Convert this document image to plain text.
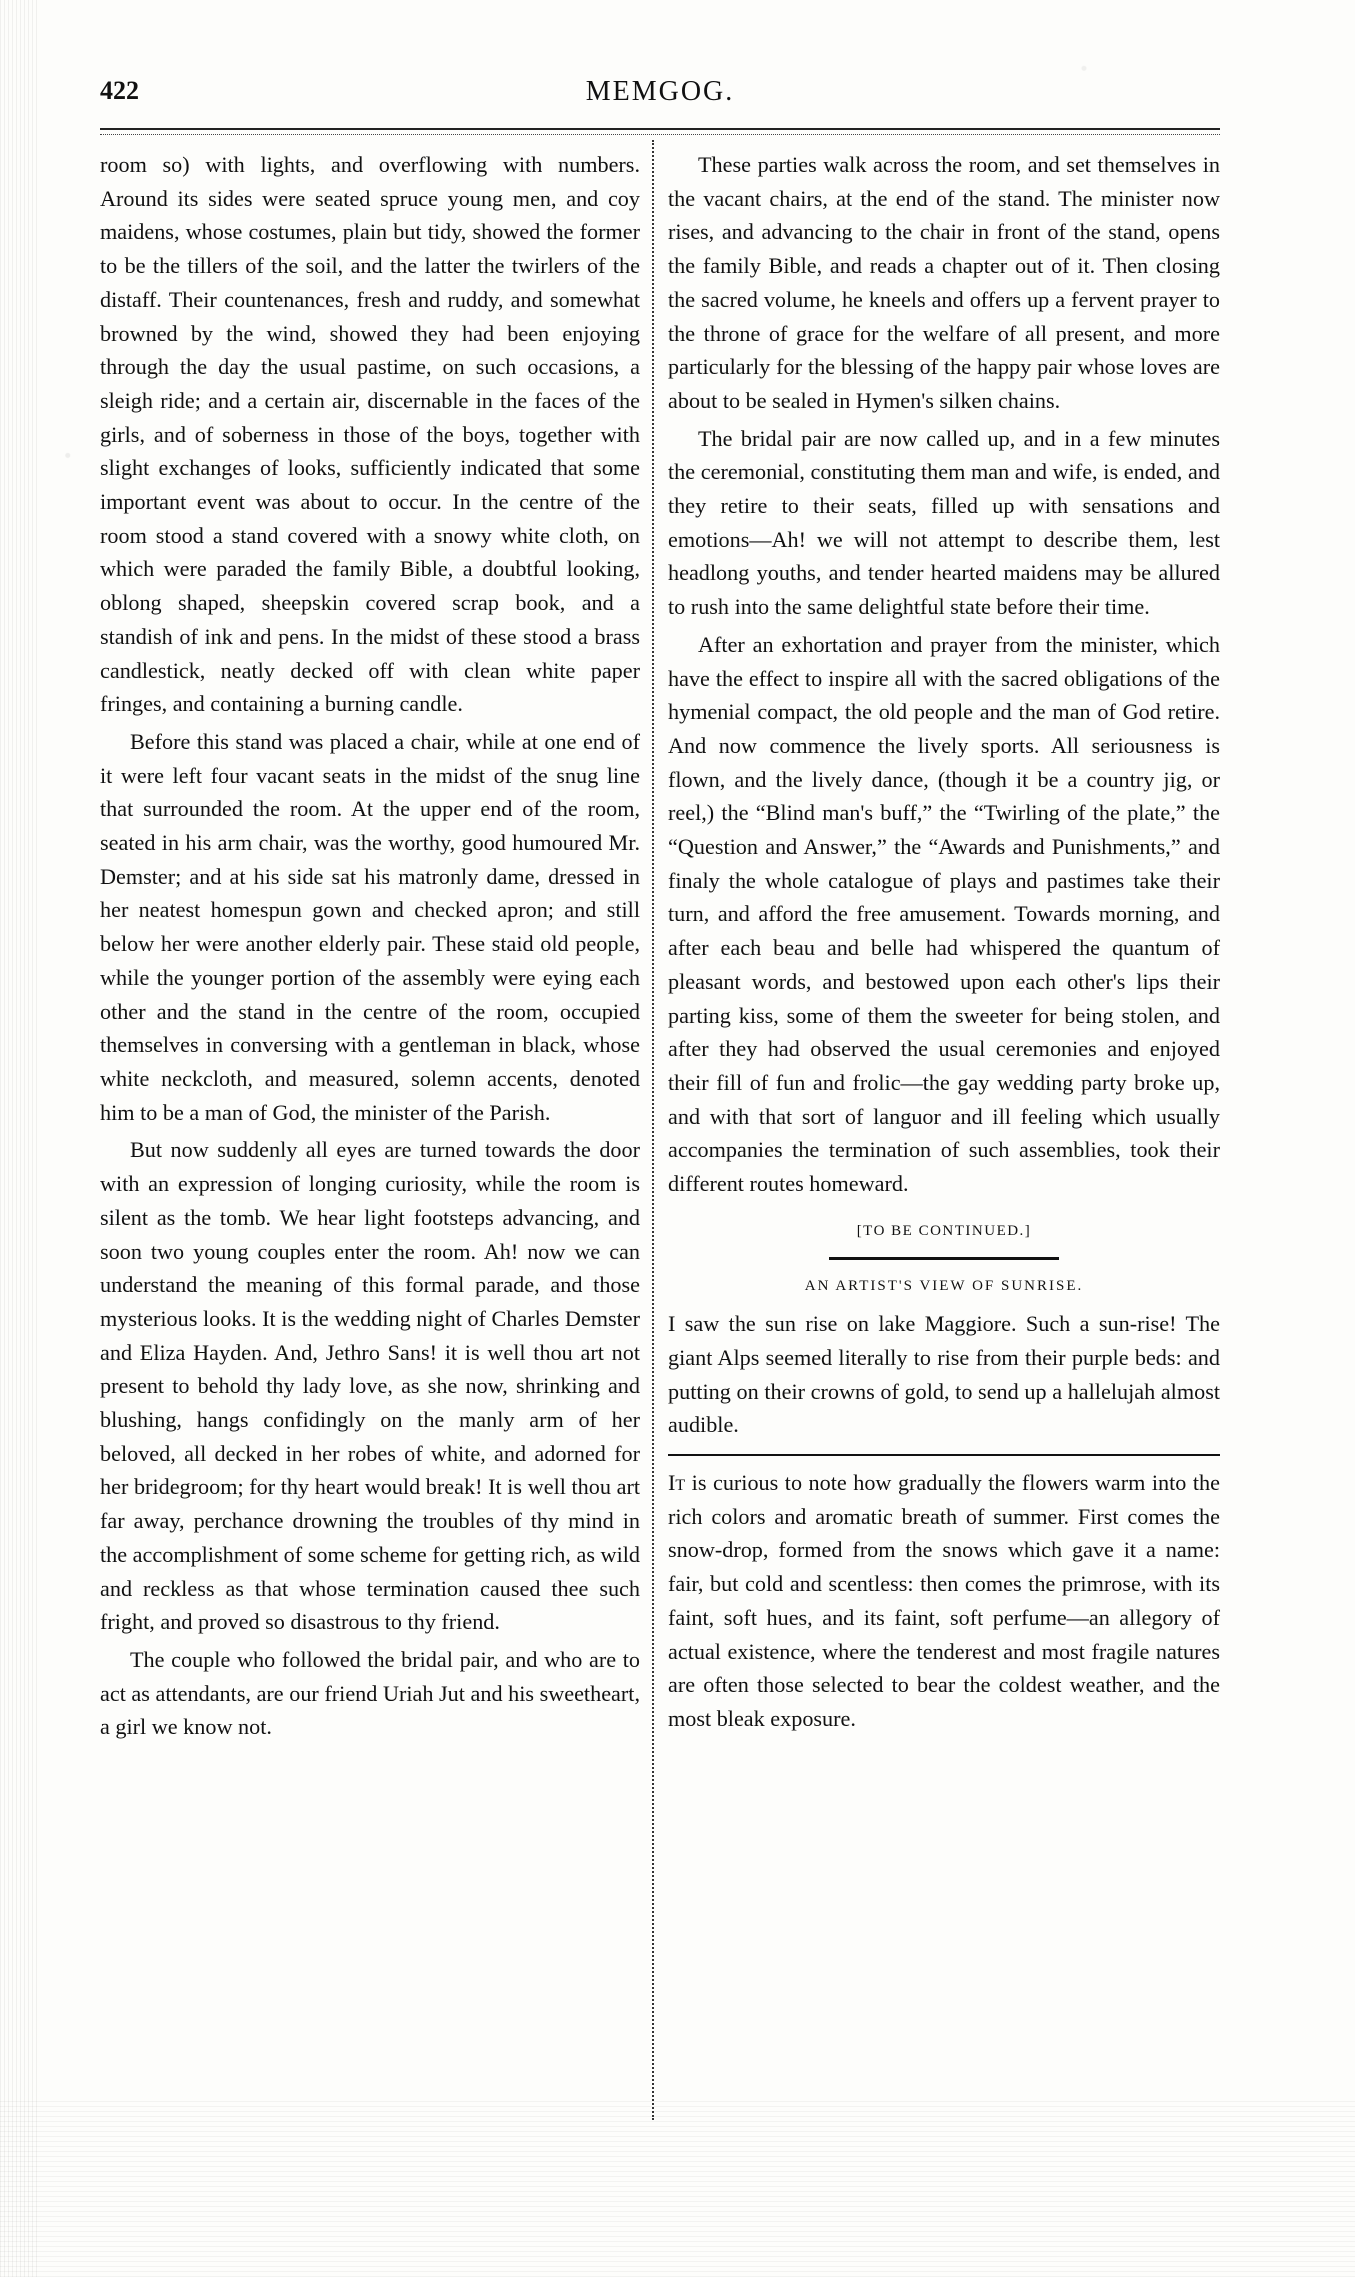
422	MEMGOG.

room so) with lights, and overflowing with numbers. Around its sides were seated spruce young men, and coy maidens, whose costumes, plain but tidy, showed the former to be the tillers of the soil, and the latter the twirlers of the distaff. Their countenances, fresh and ruddy, and somewhat browned by the wind, showed they had been enjoying through the day the usual pastime, on such occasions, a sleigh ride; and a certain air, discernable in the faces of the girls, and of soberness in those of the boys, together with slight exchanges of looks, sufficiently indicated that some important event was about to occur. In the centre of the room stood a stand covered with a snowy white cloth, on which were paraded the family Bible, a doubtful looking, oblong shaped, sheepskin covered scrap book, and a standish of ink and pens. In the midst of these stood a brass candlestick, neatly decked off with clean white paper fringes, and containing a burning candle.

Before this stand was placed a chair, while at one end of it were left four vacant seats in the midst of the snug line that surrounded the room. At the upper end of the room, seated in his arm chair, was the worthy, good humoured Mr. Demster; and at his side sat his matronly dame, dressed in her neatest homespun gown and checked apron; and still below her were another elderly pair. These staid old people, while the younger portion of the assembly were eying each other and the stand in the centre of the room, occupied themselves in conversing with a gentleman in black, whose white neckcloth, and measured, solemn accents, denoted him to be a man of God, the minister of the Parish.

But now suddenly all eyes are turned towards the door with an expression of longing curiosity, while the room is silent as the tomb. We hear light footsteps advancing, and soon two young couples enter the room. Ah! now we can understand the meaning of this formal parade, and those mysterious looks. It is the wedding night of Charles Demster and Eliza Hayden. And, Jethro Sans! it is well thou art not present to behold thy lady love, as she now, shrinking and blushing, hangs confidingly on the manly arm of her beloved, all decked in her robes of white, and adorned for her bridegroom; for thy heart would break! It is well thou art far away, perchance drowning the troubles of thy mind in the accomplishment of some scheme for getting rich, as wild and reckless as that whose termination caused thee such fright, and proved so disastrous to thy friend.

The couple who followed the bridal pair, and who are to act as attendants, are our friend Uriah Jut and his sweetheart, a girl we know not.

These parties walk across the room, and set themselves in the vacant chairs, at the end of the stand. The minister now rises, and advancing to the chair in front of the stand, opens the family Bible, and reads a chapter out of it. Then closing the sacred volume, he kneels and offers up a fervent prayer to the throne of grace for the welfare of all present, and more particularly for the blessing of the happy pair whose loves are about to be sealed in Hymen's silken chains.

The bridal pair are now called up, and in a few minutes the ceremonial, constituting them man and wife, is ended, and they retire to their seats, filled up with sensations and emotions—Ah! we will not attempt to describe them, lest headlong youths, and tender hearted maidens may be allured to rush into the same delightful state before their time.

After an exhortation and prayer from the minister, which have the effect to inspire all with the sacred obligations of the hymenial compact, the old people and the man of God retire. And now commence the lively sports. All seriousness is flown, and the lively dance, (though it be a country jig, or reel,) the “Blind man's buff,” the “Twirling of the plate,” the “Question and Answer,” the “Awards and Punishments,” and finaly the whole catalogue of plays and pastimes take their turn, and afford the free amusement. Towards morning, and after each beau and belle had whispered the quantum of pleasant words, and bestowed upon each other's lips their parting kiss, some of them the sweeter for being stolen, and after they had observed the usual ceremonies and enjoyed their fill of fun and frolic—the gay wedding party broke up, and with that sort of languor and ill feeling which usually accompanies the termination of such assemblies, took their different routes homeward.

[TO BE CONTINUED.]
AN ARTIST'S VIEW OF SUNRISE.

I saw the sun rise on lake Maggiore. Such a sun-rise! The giant Alps seemed literally to rise from their purple beds: and putting on their crowns of gold, to send up a hallelujah almost audible.

It is curious to note how gradually the flowers warm into the rich colors and aromatic breath of summer. First comes the snow-drop, formed from the snows which gave it a name: fair, but cold and scentless: then comes the primrose, with its faint, soft hues, and its faint, soft perfume—an allegory of actual existence, where the tenderest and most fragile natures are often those selected to bear the coldest weather, and the most bleak exposure.
